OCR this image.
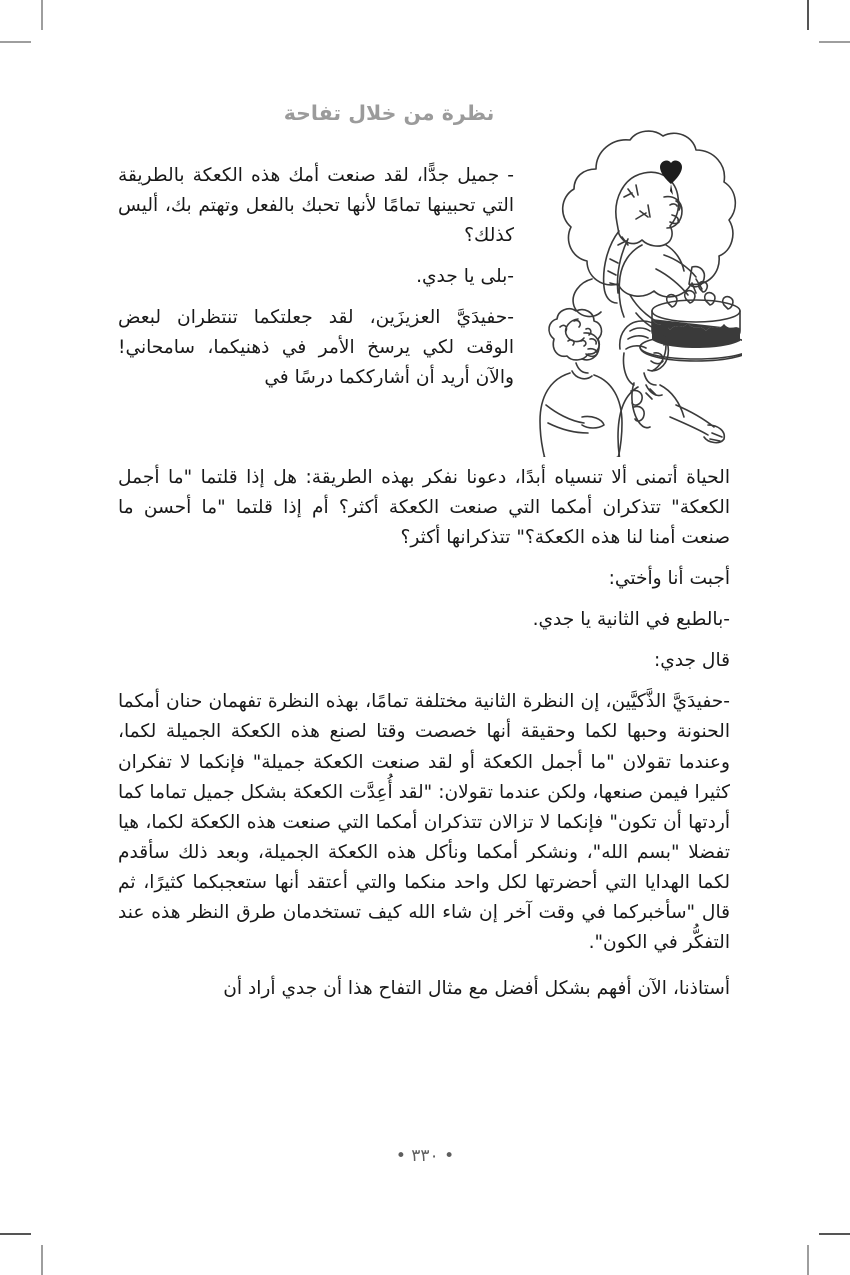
نظرة من خلال تفاحة

- جميل جدًّا، لقد صنعت أمك هذه الكعكة بالطريقة التي تحبينها تمامًا لأنها تحبك بالفعل وتهتم بك، أليس كذلك؟

-بلى يا جدي.

-حفيدَيَّ العزيزَين، لقد جعلتكما تنتظران لبعض الوقت لكي يرسخ الأمر في ذهنيكما، سامحاني! والآن أريد أن أشارككما درسًا في

الحياة أتمنى ألا تنسياه أبدًا، دعونا نفكر بهذه الطريقة: هل إذا قلتما "ما أجمل الكعكة" تتذكران أمكما التي صنعت الكعكة أكثر؟ أم إذا قلتما "ما أحسن ما صنعت أمنا لنا هذه الكعكة؟" تتذكرانها أكثر؟

أجبت أنا وأختي:

-بالطبع في الثانية يا جدي.

قال جدي:

-حفيدَيَّ الذَّكيَّين، إن النظرة الثانية مختلفة تمامًا، بهذه النظرة تفهمان حنان أمكما الحنونة وحبها لكما وحقيقة أنها خصصت وقتا لصنع هذه الكعكة الجميلة لكما، وعندما تقولان "ما أجمل الكعكة أو لقد صنعت الكعكة جميلة" فإنكما لا تفكران كثيرا فيمن صنعها، ولكن عندما تقولان: "لقد أُعِدَّت الكعكة بشكل جميل تماما كما أردتها أن تكون" فإنكما لا تزالان تتذكران أمكما التي صنعت هذه الكعكة لكما، هيا تفضلا "بسم الله"، ونشكر أمكما ونأكل هذه الكعكة الجميلة، وبعد ذلك سأقدم لكما الهدايا التي أحضرتها لكل واحد منكما والتي أعتقد أنها ستعجبكما كثيرًا، ثم قال "سأخبركما في وقت آخر إن شاء الله كيف تستخدمان طرق النظر هذه عند التفكُّر في الكون".

أستاذنا، الآن أفهم بشكل أفضل مع مثال التفاح هذا أن جدي أراد أن

• ٣٣٠ •
